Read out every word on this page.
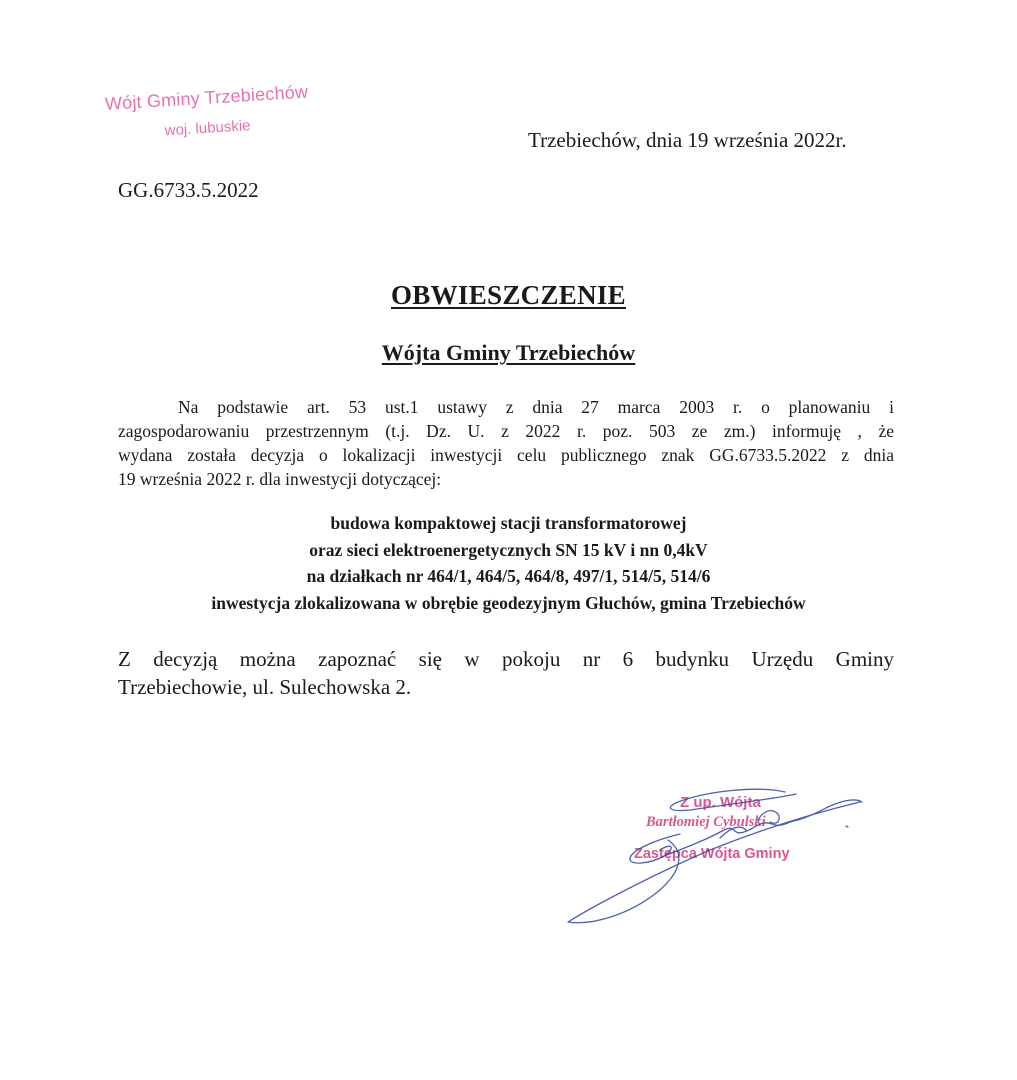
Wójt Gminy Trzebiechów
woj. lubuskie	Trzebiechów, dnia 19 września 2022r.
GG.6733.5.2022
OBWIESZCZENIE
Wójta Gminy Trzebiechów
Na podstawie art. 53 ust.1 ustawy z dnia 27 marca 2003 r. o planowaniu i
zagospodarowaniu przestrzennym (t.j. Dz. U. z 2022 r. poz. 503 ze zm.) informuję , że
wydana została decyzja o lokalizacji inwestycji celu publicznego znak GG.6733.5.2022 z dnia
19 września 2022 r. dla inwestycji dotyczącej:
budowa kompaktowej stacji transformatorowej
oraz sieci elektroenergetycznych SN 15 kV i nn 0,4kV
na działkach nr 464/1, 464/5, 464/8, 497/1, 514/5, 514/6
inwestycja zlokalizowana w obrębie geodezyjnym Głuchów, gmina Trzebiechów
Z decyzją można zapoznać się w pokoju nr 6 budynku Urzędu Gminy
Trzebiechowie, ul. Sulechowska 2.
Z up. Wójta
Bartłomiej Cybulski
Zastępca Wójta Gminy
